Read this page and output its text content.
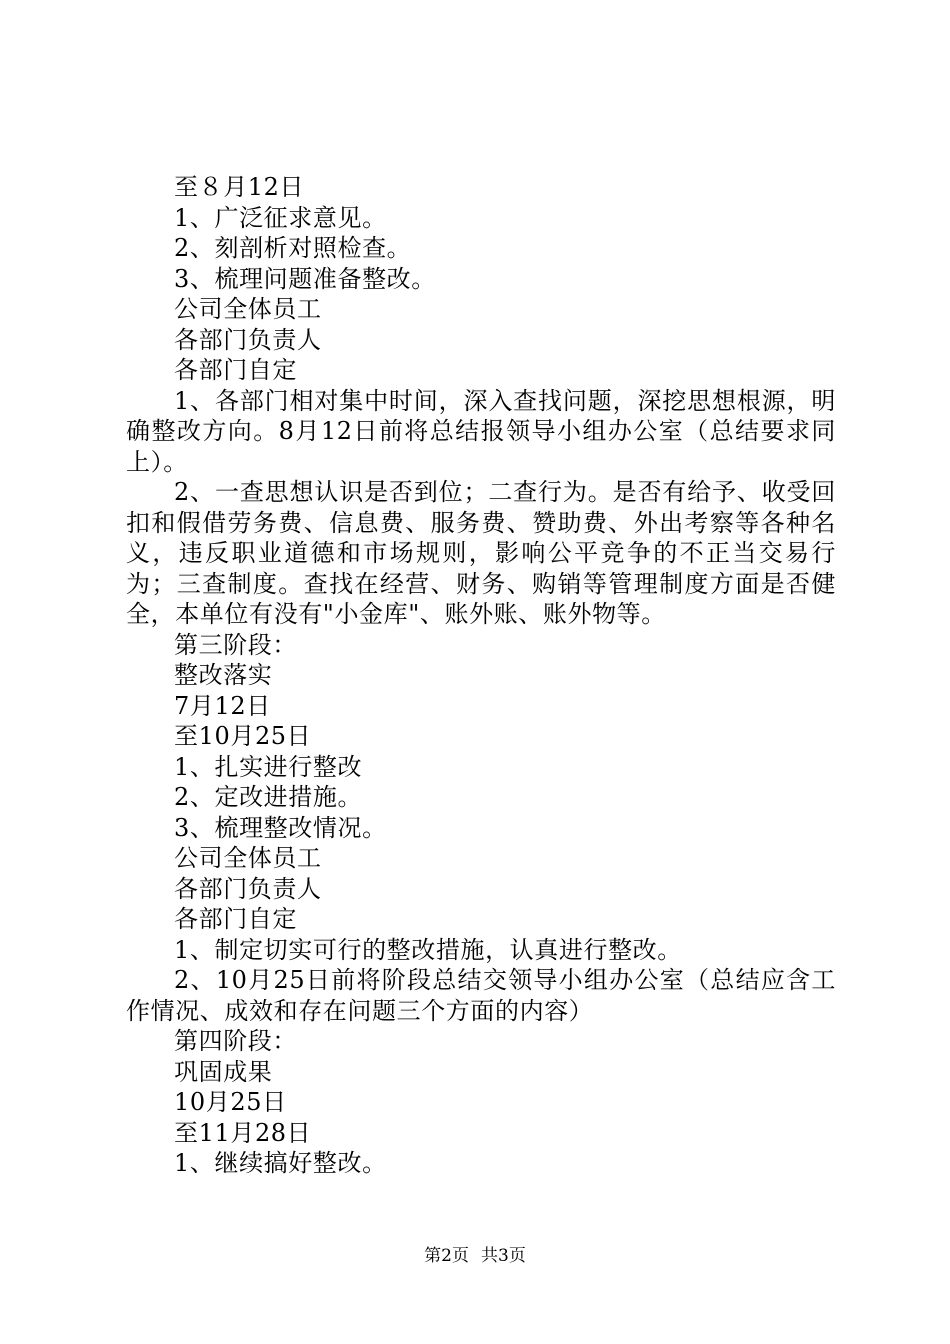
至８月12日

1、广泛征求意见。

2、刻剖析对照检查。

3、梳理问题准备整改。

公司全体员工

各部门负责人

各部门自定

1、各部门相对集中时间，深入查找问题，深挖思想根源，明确整改方向。8月12日前将总结报领导小组办公室（总结要求同上）。

2、一查思想认识是否到位；二查行为。是否有给予、收受回扣和假借劳务费、信息费、服务费、赞助费、外出考察等各种名义，违反职业道德和市场规则，影响公平竞争的不正当交易行为；三查制度。查找在经营、财务、购销等管理制度方面是否健全，本单位有没有"小金库"、账外账、账外物等。

第三阶段：

整改落实

7月12日

至10月25日

1、扎实进行整改

2、定改进措施。

3、梳理整改情况。

公司全体员工

各部门负责人

各部门自定

1、制定切实可行的整改措施，认真进行整改。

2、10月25日前将阶段总结交领导小组办公室（总结应含工作情况、成效和存在问题三个方面的内容）

第四阶段：

巩固成果

10月25日

至11月28日

1、继续搞好整改。

第2页 共3页
